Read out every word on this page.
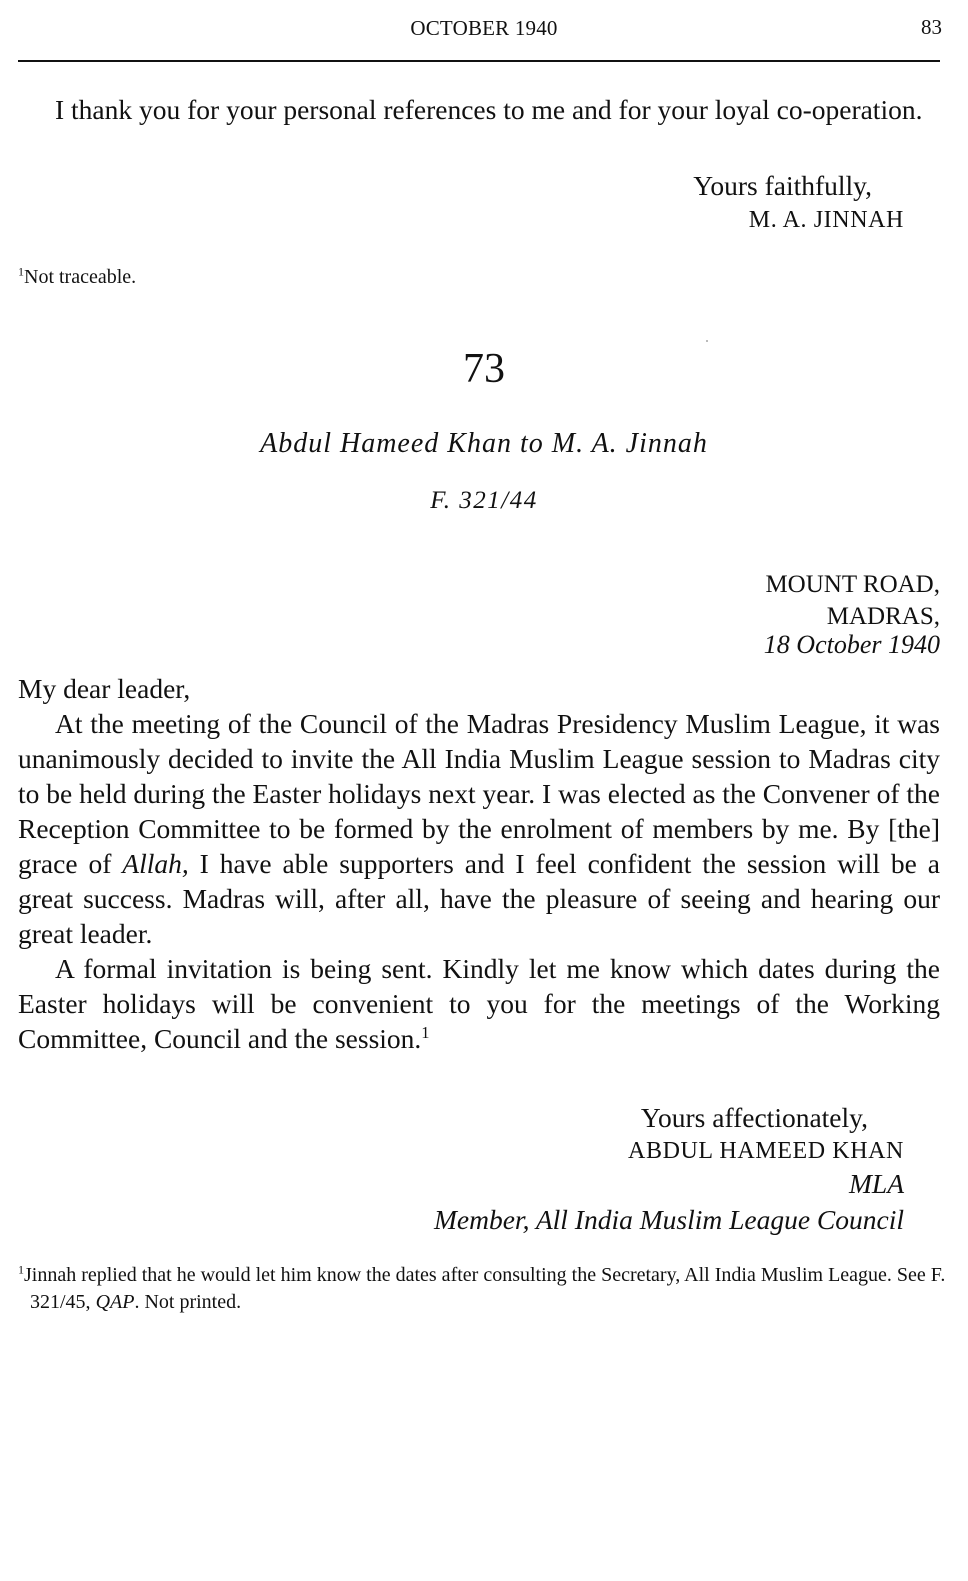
OCTOBER 1940	83

I thank you for your personal references to me and for your loyal co-operation.

Yours faithfully,
M. A. JINNAH
$^1$Not traceable.
73
Abdul Hameed Khan to M. A. Jinnah
F. 321/44
MOUNT ROAD,
MADRAS,
18 October 1940

My dear leader,

At the meeting of the Council of the Madras Presidency Muslim League, it was unanimously decided to invite the All India Muslim League session to Madras city to be held during the Easter holidays next year. I was elected as the Convener of the Reception Committee to be formed by the enrolment of members by me. By [the] grace of Allah, I have able supporters and I feel confident the session will be a great success. Madras will, after all, have the pleasure of seeing and hearing our great leader.

A formal invitation is being sent. Kindly let me know which dates during the Easter holidays will be convenient to you for the meetings of the Working Committee, Council and the session.$^1$

Yours affectionately,
ABDUL HAMEED KHAN
MLA
Member, All India Muslim League Council
$^1$Jinnah replied that he would let him know the dates after consulting the Secretary, All India Muslim League. See F. 321/45, QAP. Not printed.
